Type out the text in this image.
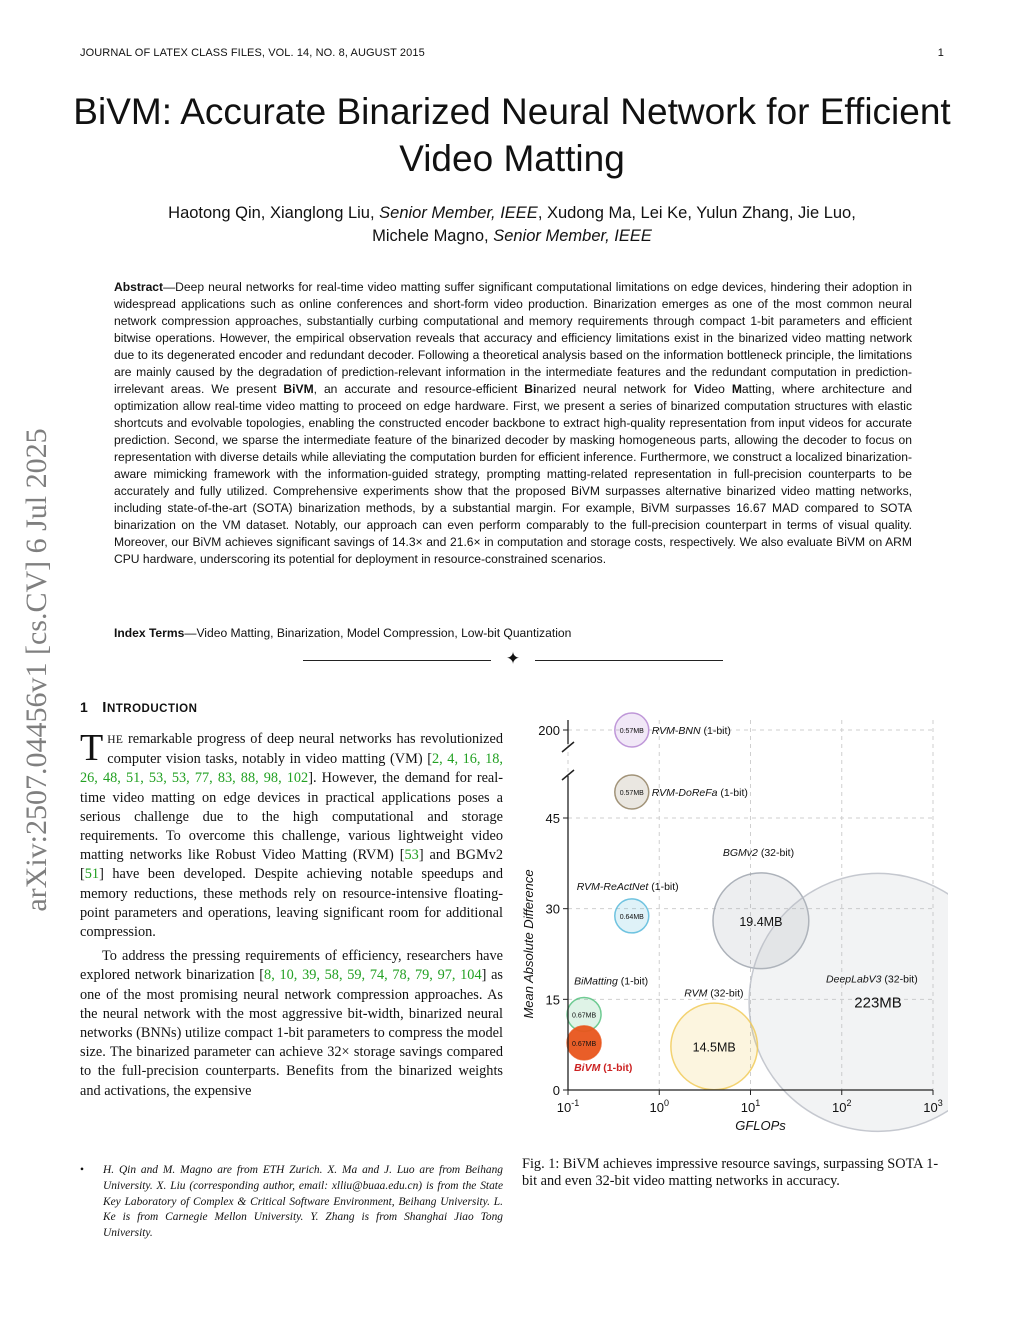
JOURNAL OF LATEX CLASS FILES, VOL. 14, NO. 8, AUGUST 2015	1
BiVM: Accurate Binarized Neural Network for Efficient Video Matting
Haotong Qin, Xianglong Liu, Senior Member, IEEE, Xudong Ma, Lei Ke, Yulun Zhang, Jie Luo,
Michele Magno, Senior Member, IEEE

Abstract—Deep neural networks for real-time video matting suffer significant computational limitations on edge devices, hindering their adoption in widespread applications such as online conferences and short-form video production. Binarization emerges as one of the most common neural network compression approaches, substantially curbing computational and memory requirements through compact 1-bit parameters and efficient bitwise operations. However, the empirical observation reveals that accuracy and efficiency limitations exist in the binarized video matting network due to its degenerated encoder and redundant decoder. Following a theoretical analysis based on the information bottleneck principle, the limitations are mainly caused by the degradation of prediction-relevant information in the intermediate features and the redundant computation in prediction-irrelevant areas. We present BiVM, an accurate and resource-efficient Binarized neural network for Video Matting, where architecture and optimization allow real-time video matting to proceed on edge hardware. First, we present a series of binarized computation structures with elastic shortcuts and evolvable topologies, enabling the constructed encoder backbone to extract high-quality representation from input videos for accurate prediction. Second, we sparse the intermediate feature of the binarized decoder by masking homogeneous parts, allowing the decoder to focus on representation with diverse details while alleviating the computation burden for efficient inference. Furthermore, we construct a localized binarization-aware mimicking framework with the information-guided strategy, prompting matting-related representation in full-precision counterparts to be accurately and fully utilized. Comprehensive experiments show that the proposed BiVM surpasses alternative binarized video matting networks, including state-of-the-art (SOTA) binarization methods, by a substantial margin. For example, BiVM surpasses 16.67 MAD compared to SOTA binarization on the VM dataset. Notably, our approach can even perform comparably to the full-precision counterpart in terms of visual quality. Moreover, our BiVM achieves significant savings of 14.3× and 21.6× in computation and storage costs, respectively. We also evaluate BiVM on ARM CPU hardware, underscoring its potential for deployment in resource-constrained scenarios.

Index Terms—Video Matting, Binarization, Model Compression, Low-bit Quantization

✦
arXiv:2507.04456v1 [cs.CV] 6 Jul 2025 1 INTRODUCTION

THE remarkable progress of deep neural networks has revolutionized computer vision tasks, notably in video matting (VM) [2, 4, 16, 18, 26, 48, 51, 53, 53, 77, 83, 88, 98, 102]. However, the demand for real-time video matting on edge devices in practical applications poses a serious challenge due to the high computational and storage requirements. To overcome this challenge, various lightweight video matting networks like Robust Video Matting (RVM) [53] and BGMv2 [51] have been developed. Despite achieving notable speedups and memory reductions, these methods rely on resource-intensive floating-point parameters and operations, leaving significant room for additional compression.

To address the pressing requirements of efficiency, researchers have explored network binarization [8, 10, 39, 58, 59, 74, 78, 79, 97, 104] as one of the most promising neural network compression approaches. As the neural network with the most aggressive bit-width, binarized neural networks (BNNs) utilize compact 1-bit parameters to compress the model size. The binarized parameter can achieve 32× storage savings compared to the full-precision counterparts. Benefits from the binarized weights and activations, the expensive

• H. Qin and M. Magno are from ETH Zurich. X. Ma and J. Luo are from Beihang University. X. Liu (corresponding author, email: xlliu@buaa.edu.cn) is from the State Key Laboratory of Complex & Critical Software Environment, Beihang University. L. Ke is from Carnegie Mellon University. Y. Zhang is from Shanghai Jiao Tong University.
0
15
30
45
200
$10^{-1}$	$10^0$	$10^1$	$10^2$	$10^3$
GFLOPs
Mean Absolute Difference
0.57MB
0.57MB
0.64MB	19.4MB
223MB
0.67MB
14.5MB
0.67MB
RVM-BNN (1-bit)
RVM-DoReFa (1-bit)
RVM-ReActNet (1-bit)
BGMv2 (32-bit)
DeepLabV3 (32-bit)
BiMatting (1-bit)
RVM (32-bit)
BiVM (1-bit)

Fig. 1: BiVM achieves impressive resource savings, surpassing SOTA 1-bit and even 32-bit video matting networks in accuracy.
